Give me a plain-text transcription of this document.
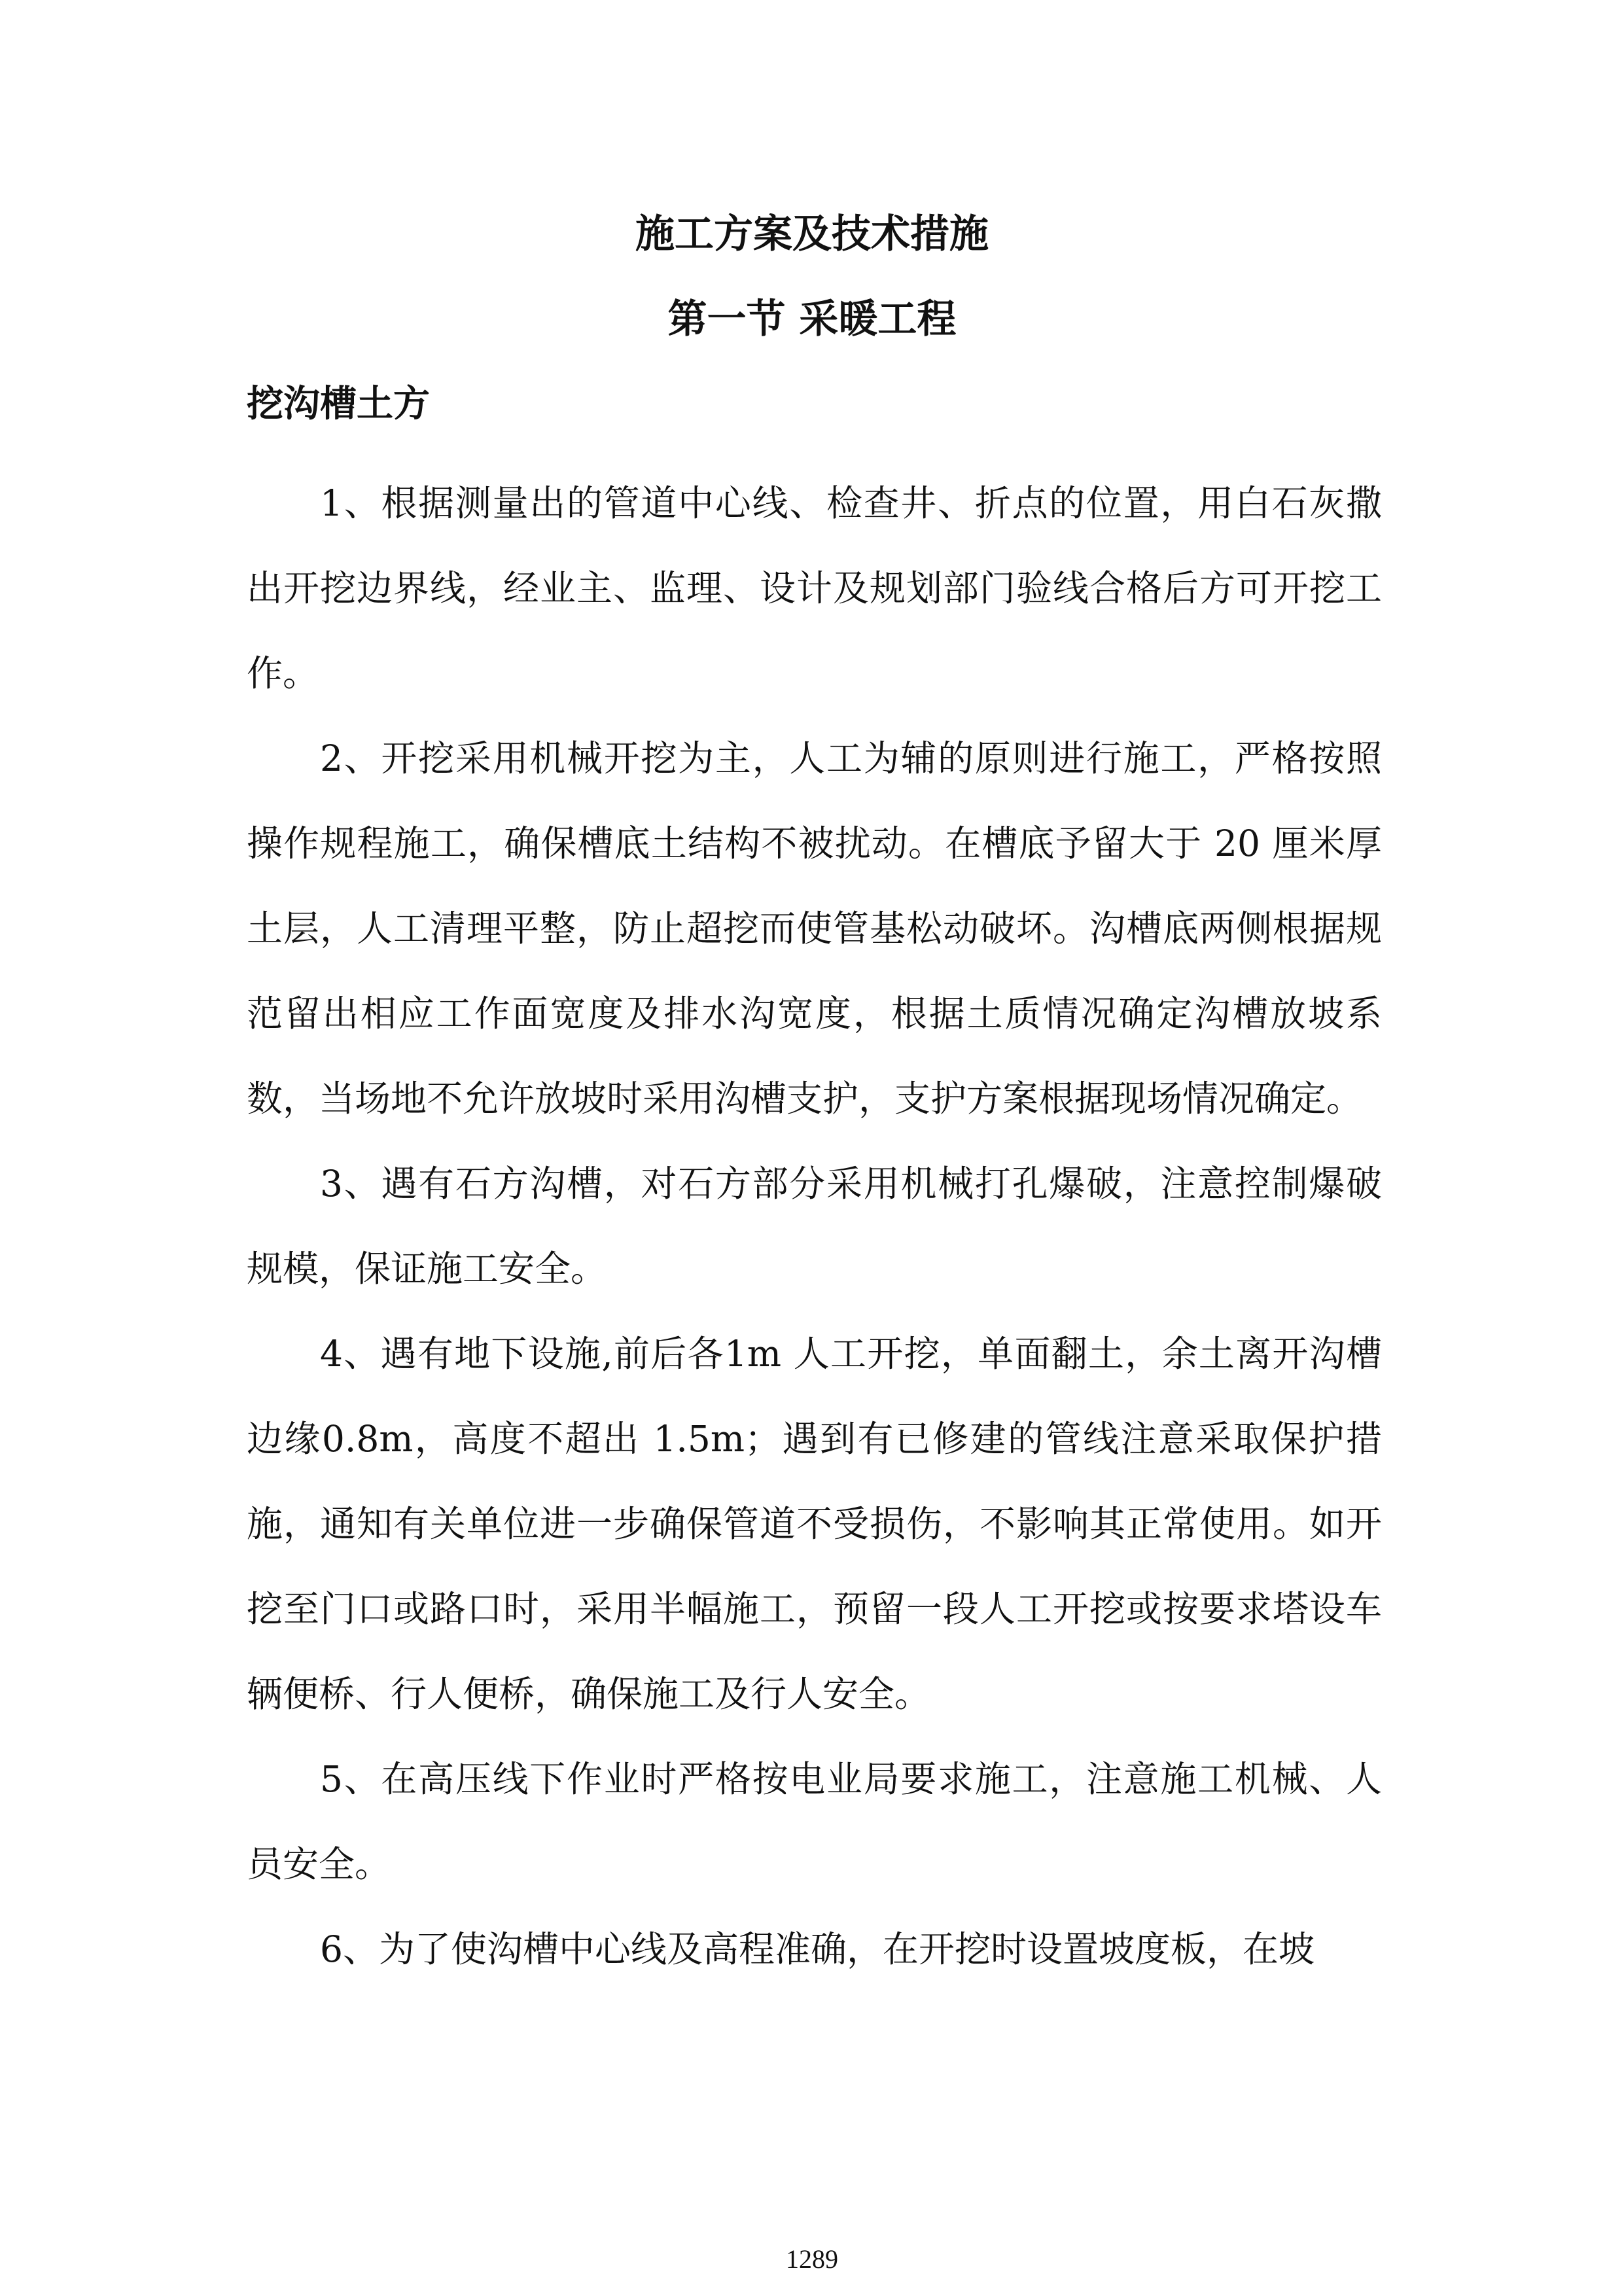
施工方案及技术措施
第一节 采暖工程
挖沟槽土方

1、根据测量出的管道中心线、检查井、折点的位置，用白石灰撒出开挖边界线，经业主、监理、设计及规划部门验线合格后方可开挖工作。

2、开挖采用机械开挖为主，人工为辅的原则进行施工，严格按照操作规程施工，确保槽底土结构不被扰动。在槽底予留大于 20 厘米厚土层，人工清理平整，防止超挖而使管基松动破坏。沟槽底两侧根据规范留出相应工作面宽度及排水沟宽度，根据土质情况确定沟槽放坡系数，当场地不允许放坡时采用沟槽支护，支护方案根据现场情况确定。

3、遇有石方沟槽，对石方部分采用机械打孔爆破，注意控制爆破规模，保证施工安全。

4、遇有地下设施,前后各1m 人工开挖，单面翻土，余土离开沟槽边缘0.8m，高度不超出 1.5m；遇到有已修建的管线注意采取保护措施，通知有关单位进一步确保管道不受损伤，不影响其正常使用。如开挖至门口或路口时，采用半幅施工，预留一段人工开挖或按要求塔设车辆便桥、行人便桥，确保施工及行人安全。

5、在高压线下作业时严格按电业局要求施工，注意施工机械、人员安全。

6、为了使沟槽中心线及高程准确，在开挖时设置坡度板，在坡

1289
